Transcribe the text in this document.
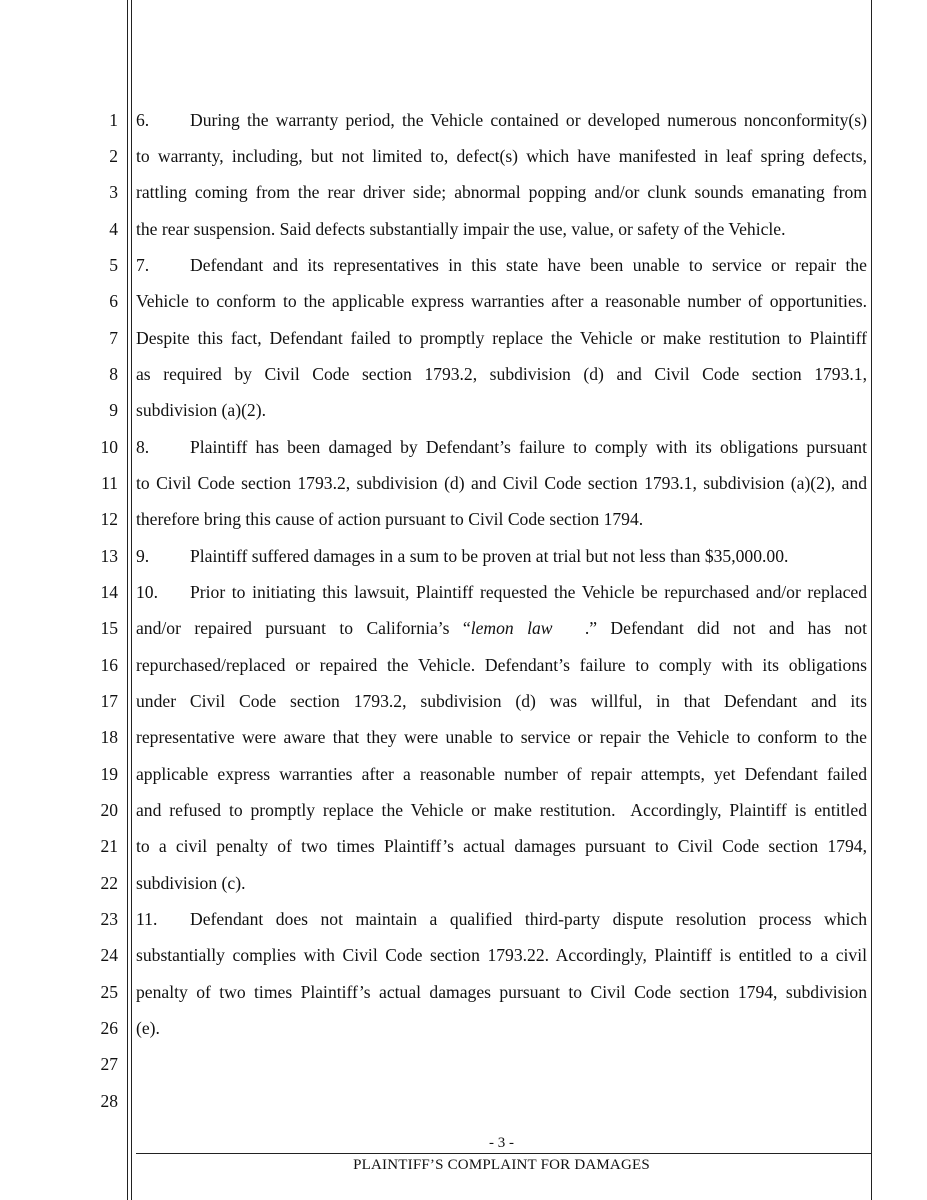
1
2
3
4
5
6
7
8
9
10
11
12
13
14
15
16
17
18
19
20
21
22
23
24
25
26
27
28
6. During the warranty period, the Vehicle contained or developed numerous nonconformity(s)
to warranty, including, but not limited to, defect(s) which have manifested in leaf spring defects,
rattling coming from the rear driver side; abnormal popping and/or clunk sounds emanating from
the rear suspension. Said defects substantially impair the use, value, or safety of the Vehicle.
7. Defendant and its representatives in this state have been unable to service or repair the
Vehicle to conform to the applicable express warranties after a reasonable number of opportunities.
Despite this fact, Defendant failed to promptly replace the Vehicle or make restitution to Plaintiff
as required by Civil Code section 1793.2, subdivision (d) and Civil Code section 1793.1,
subdivision (a)(2).
8. Plaintiff has been damaged by Defendant’s failure to comply with its obligations pursuant
to Civil Code section 1793.2, subdivision (d) and Civil Code section 1793.1, subdivision (a)(2), and
therefore bring this cause of action pursuant to Civil Code section 1794.
9. Plaintiff suffered damages in a sum to be proven at trial but not less than $35,000.00.
10. Prior to initiating this lawsuit, Plaintiff requested the Vehicle be repurchased and/or replaced
and/or repaired pursuant to California’s “lemon law .” Defendant did not and has not
repurchased/replaced or repaired the Vehicle. Defendant’s failure to comply with its obligations
under Civil Code section 1793.2, subdivision (d) was willful, in that Defendant and its
representative were aware that they were unable to service or repair the Vehicle to conform to the
applicable express warranties after a reasonable number of repair attempts, yet Defendant failed
and refused to promptly replace the Vehicle or make restitution.  Accordingly, Plaintiff is entitled
to a civil penalty of two times Plaintiff’s actual damages pursuant to Civil Code section 1794,
subdivision (c).
11. Defendant does not maintain a qualified third-party dispute resolution process which
substantially complies with Civil Code section 1793.22. Accordingly, Plaintiff is entitled to a civil
penalty of two times Plaintiff’s actual damages pursuant to Civil Code section 1794, subdivision
(e).
- 3 -
PLAINTIFF’S COMPLAINT FOR DAMAGES
